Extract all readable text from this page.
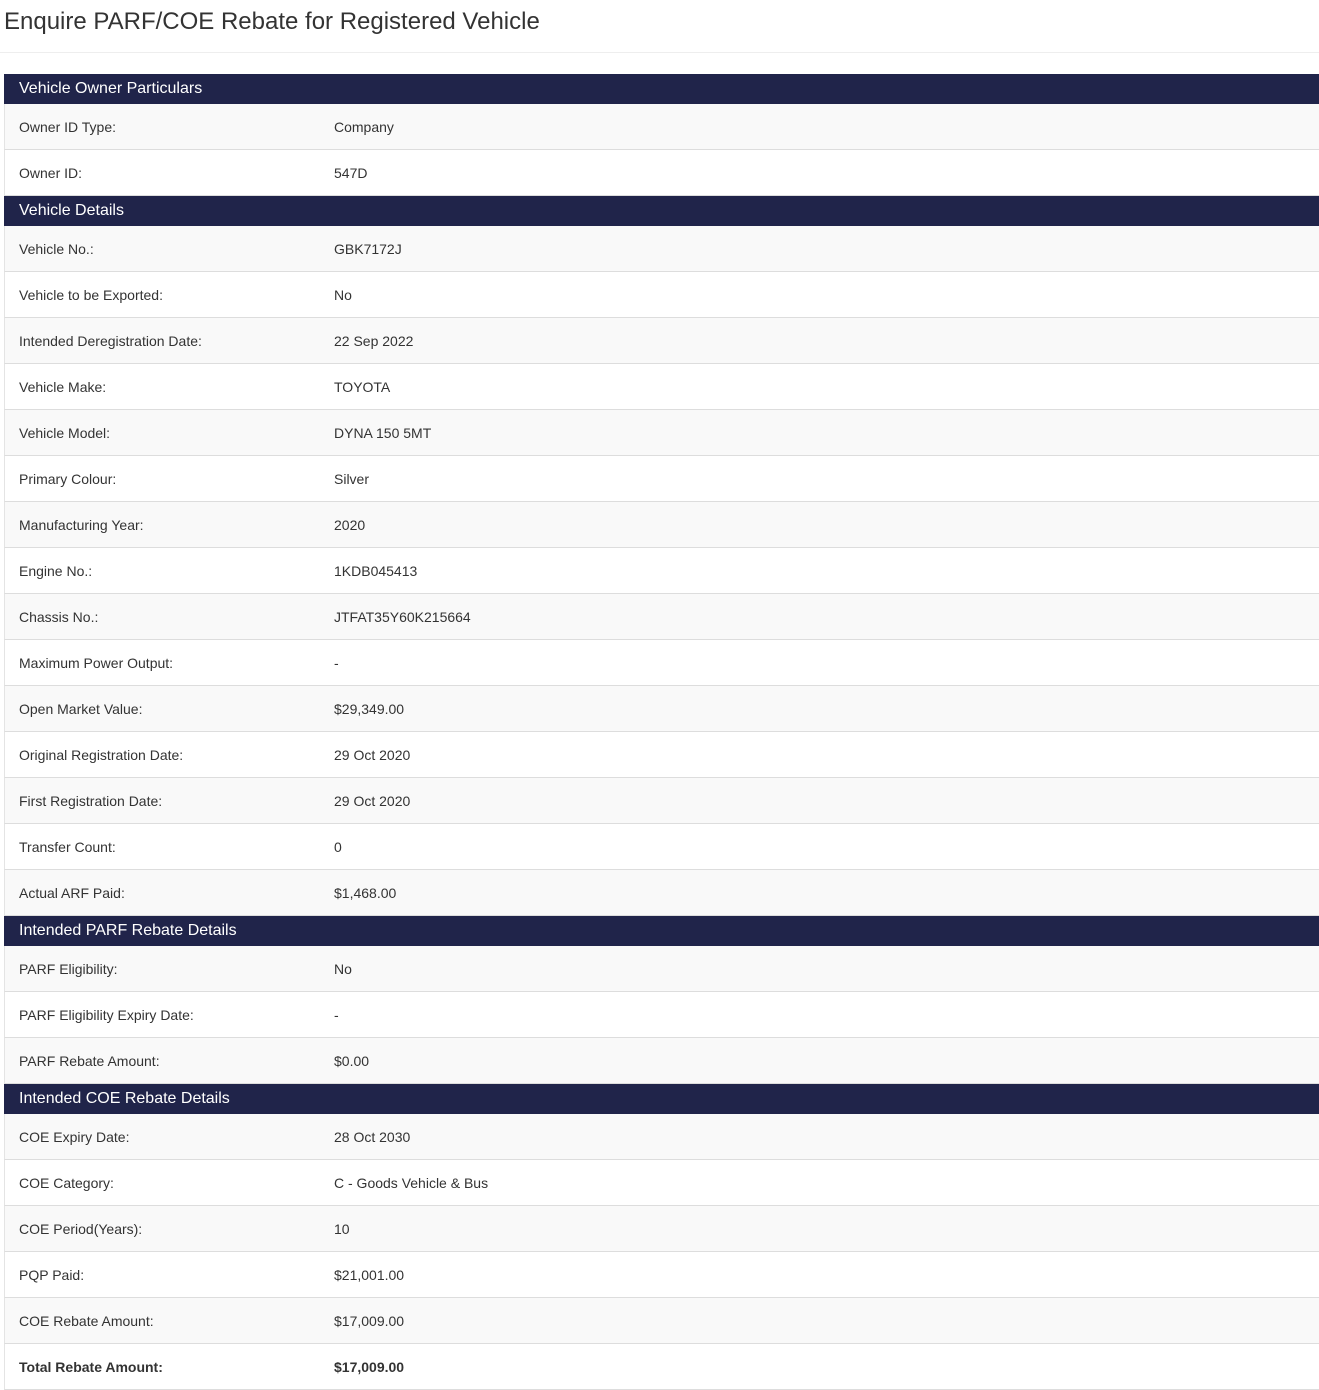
Enquire PARF/COE Rebate for Registered Vehicle
Vehicle Owner Particulars
Owner ID Type:	Company
Owner ID:	547D
Vehicle Details
Vehicle No.:	GBK7172J
Vehicle to be Exported:	No
Intended Deregistration Date:	22 Sep 2022
Vehicle Make:	TOYOTA
Vehicle Model:	DYNA 150 5MT
Primary Colour:	Silver
Manufacturing Year:	2020
Engine No.:	1KDB045413
Chassis No.:	JTFAT35Y60K215664
Maximum Power Output:	-
Open Market Value:	$29,349.00
Original Registration Date:	29 Oct 2020
First Registration Date:	29 Oct 2020
Transfer Count:	0
Actual ARF Paid:	$1,468.00
Intended PARF Rebate Details
PARF Eligibility:	No
PARF Eligibility Expiry Date:	-
PARF Rebate Amount:	$0.00
Intended COE Rebate Details
COE Expiry Date:	28 Oct 2030
COE Category:	C - Goods Vehicle & Bus
COE Period(Years):	10
PQP Paid:	$21,001.00
COE Rebate Amount:	$17,009.00
Total Rebate Amount:	$17,009.00
